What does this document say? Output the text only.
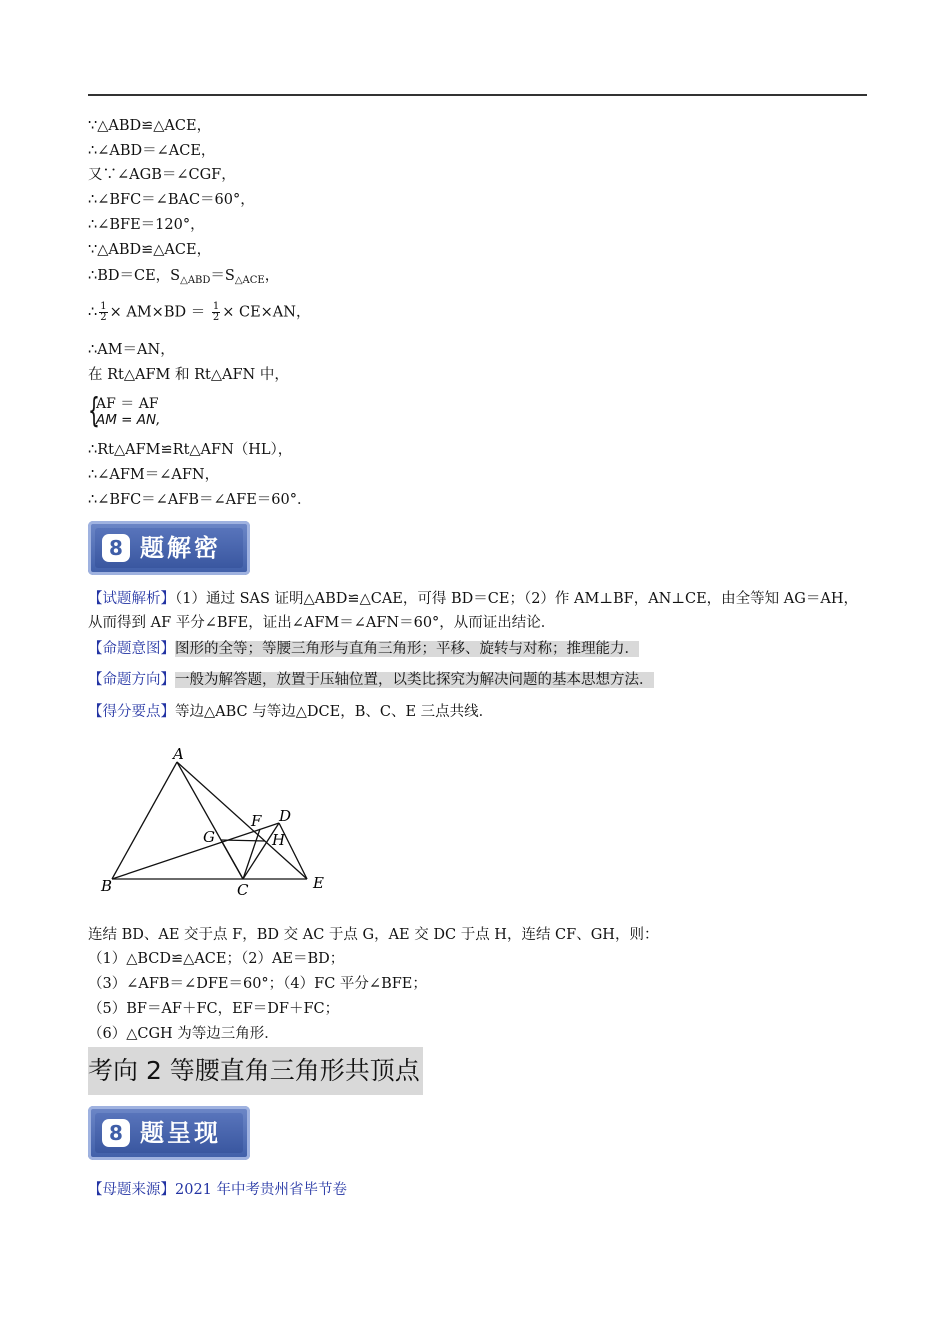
∵△ABD≌△ACE，
∴∠ABD＝∠ACE，
又∵∠AGB＝∠CGF，
∴∠BFC＝∠BAC＝60°，
∴∠BFE＝120°，
∵△ABD≌△ACE，
∴BD＝CE，$S_{\triangle ABD}=S_{\triangle ACE}$，
∴ $\frac{1}{2} \times AM\times BD = \frac{1}{2} \times CE\times AN$，
∴AM＝AN，
在 Rt△AFM 和 Rt△AFN 中，
{
AF ＝ AF
AM = AN,
∴Rt△AFM≌Rt△AFN（HL），
∴∠AFM＝∠AFN，
∴∠BFC＝∠AFB＝∠AFE＝60°．
8 题解密
【试题解析】（1）通过 SAS 证明△ABD≌△CAE，可得 BD＝CE；（2）作 AM⊥BF，AN⊥CE，由全等知 AG＝AH，
从而得到 AF 平分∠BFE，证出∠AFM＝∠AFN＝60°，从而证出结论．
【命题意图】图形的全等；等腰三角形与直角三角形；平移、旋转与对称；推理能力．
【命题方向】一般为解答题，放置于压轴位置，以类比探究为解决问题的基本思想方法．
【得分要点】等边△ABC 与等边△DCE，B、C、E 三点共线．
A
B	C
D
E
F
G	H
连结 BD、AE 交于点 F，BD 交 AC 于点 G，AE 交 DC 于点 H，连结 CF、GH，则：
（1）△BCD≌△ACE；（2）AE＝BD；
（3）∠AFB＝∠DFE＝60°；（4）FC 平分∠BFE；
（5）BF＝AF＋FC，EF＝DF＋FC；
（6）△CGH 为等边三角形．
考向 2 等腰直角三角形共顶点
8 题呈现
【母题来源】2021 年中考贵州省毕节卷
